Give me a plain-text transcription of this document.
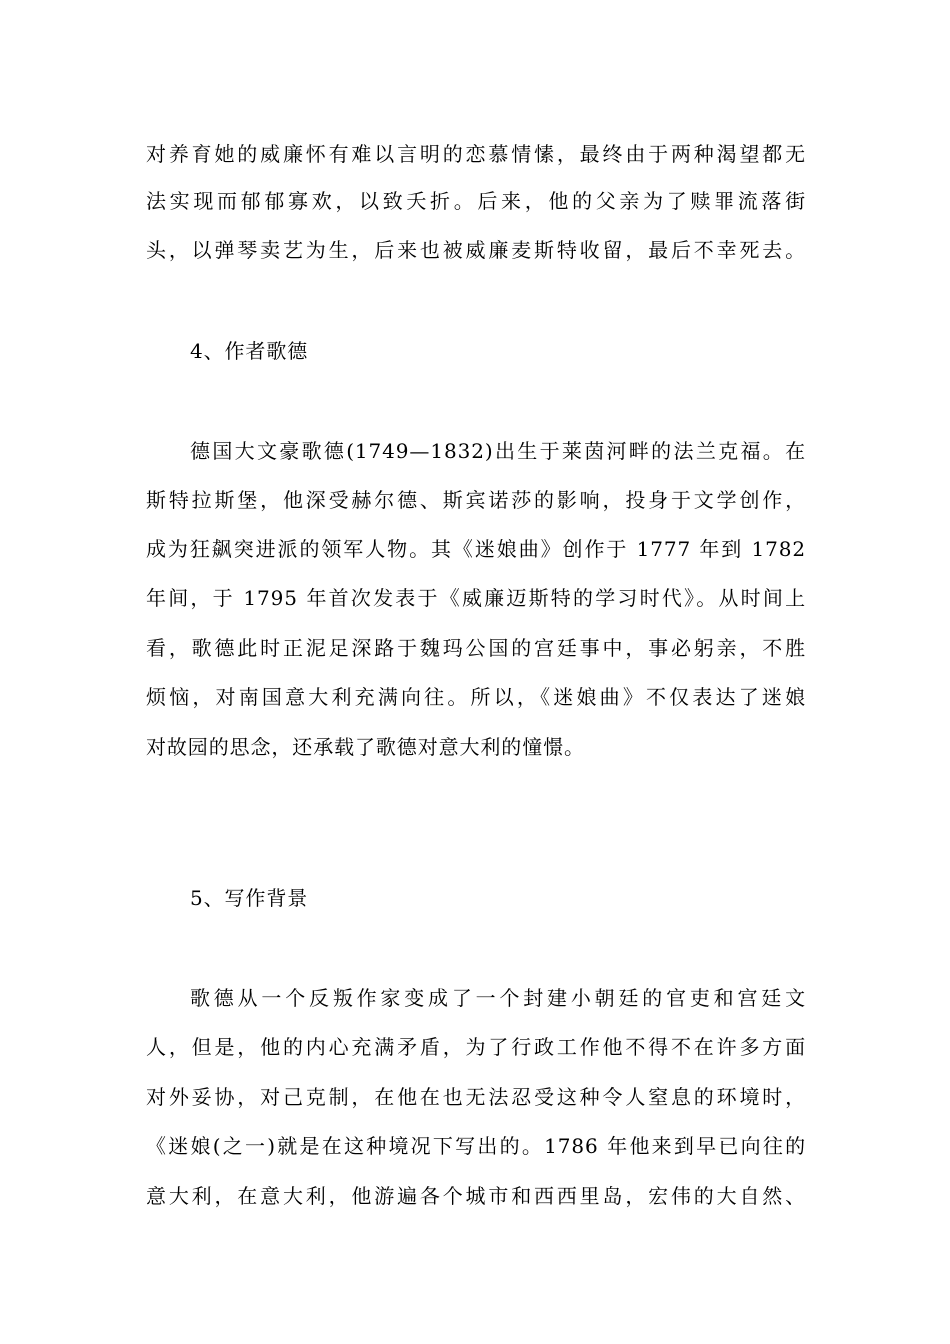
对养育她的威廉怀有难以言明的恋慕情愫，最终由于两种渴望都无
法实现而郁郁寡欢，以致夭折。后来，他的父亲为了赎罪流落街
头，以弹琴卖艺为生，后来也被威廉麦斯特收留，最后不幸死去。
4、作者歌德
德国大文豪歌德(1749—1832)出生于莱茵河畔的法兰克福。在
斯特拉斯堡，他深受赫尔德、斯宾诺莎的影响，投身于文学创作，
成为狂飙突进派的领军人物。其《迷娘曲》创作于 1777 年到 1782
年间，于 1795 年首次发表于《威廉迈斯特的学习时代》。从时间上
看，歌德此时正泥足深路于魏玛公国的宫廷事中，事必躬亲，不胜
烦恼，对南国意大利充满向往。所以，《迷娘曲》不仅表达了迷娘
对故园的思念，还承载了歌德对意大利的憧憬。
5、写作背景
歌德从一个反叛作家变成了一个封建小朝廷的官吏和宫廷文
人，但是，他的内心充满矛盾，为了行政工作他不得不在许多方面
对外妥协，对己克制，在他在也无法忍受这种令人窒息的环境时，
《迷娘(之一)就是在这种境况下写出的。1786 年他来到早已向往的
意大利，在意大利，他游遍各个城市和西西里岛，宏伟的大自然、
